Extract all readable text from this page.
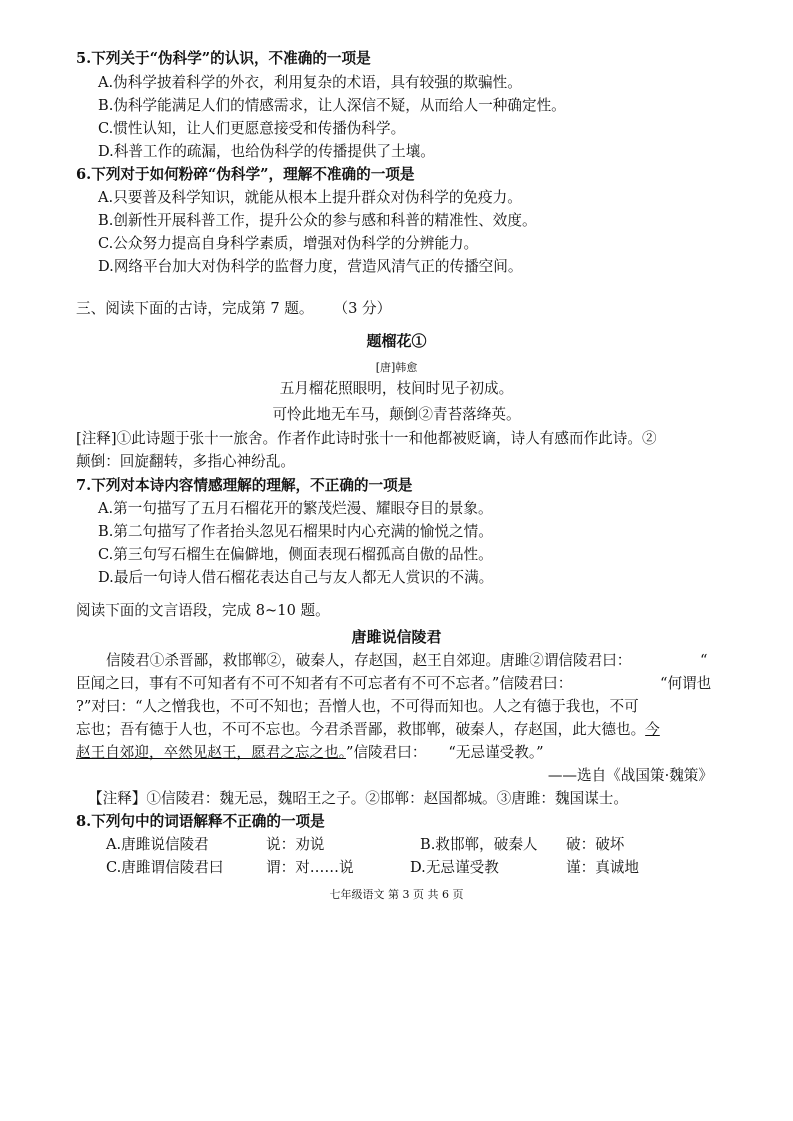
5.下列关于“伪科学”的认识，不准确的一项是
A.伪科学披着科学的外衣，利用复杂的术语，具有较强的欺骗性。
B.伪科学能满足人们的情感需求，让人深信不疑，从而给人一种确定性。
C.惯性认知，让人们更愿意接受和传播伪科学。
D.科普工作的疏漏，也给伪科学的传播提供了土壤。
6.下列对于如何粉碎“伪科学”，理解不准确的一项是
A.只要普及科学知识，就能从根本上提升群众对伪科学的免疫力。
B.创新性开展科普工作，提升公众的参与感和科普的精准性、效度。
C.公众努力提高自身科学素质，增强对伪科学的分辨能力。
D.网络平台加大对伪科学的监督力度，营造风清气正的传播空间。
三、阅读下面的古诗，完成第 7 题。 （3 分）
题榴花①
[唐]韩愈
五月榴花照眼明，枝间时见子初成。
可怜此地无车马，颠倒②青苔落绛英。
[注释]①此诗题于张十一旅舍。作者作此诗时张十一和他都被贬谪，诗人有感而作此诗。②
颠倒：回旋翻转，多指心神纷乱。
7.下列对本诗内容情感理解的理解，不正确的一项是
A.第一句描写了五月石榴花开的繁茂烂漫、耀眼夺目的景象。
B.第二句描写了作者抬头忽见石榴果时内心充满的愉悦之情。
C.第三句写石榴生在偏僻地，侧面表现石榴孤高自傲的品性。
D.最后一句诗人借石榴花表达自己与友人都无人赏识的不满。
阅读下面的文言语段，完成 8~10 题。
唐雎说信陵君
信陵君①杀晋鄙，救邯郸②，破秦人，存赵国，赵王自郊迎。唐雎②谓信陵君曰：	“
臣闻之曰，事有不可知者有不可不知者有不可忘者有不可不忘者。”信陵君曰：	“何谓也
?”对曰：“人之憎我也，不可不知也；吾憎人也，不可得而知也。人之有德于我也，不可
忘也；吾有德于人也，不可不忘也。今君杀晋鄙，救邯郸，破秦人，存赵国，此大德也。今
赵王自郊迎，卒然见赵王，愿君之忘之也。”信陵君曰： “无忌谨受教。”
——选自《战国策·魏策》
【注释】①信陵君：魏无忌，魏昭王之子。②邯郸：赵国都城。③唐雎：魏国谋士。
8.下列句中的词语解释不正确的一项是
A.唐雎说信陵君	说：劝说	B.救邯郸，破秦人 破：破坏
C.唐雎谓信陵君曰	谓：对……说	D.无忌谨受教	谨：真诚地
七年级语文 第 3 页 共 6 页
